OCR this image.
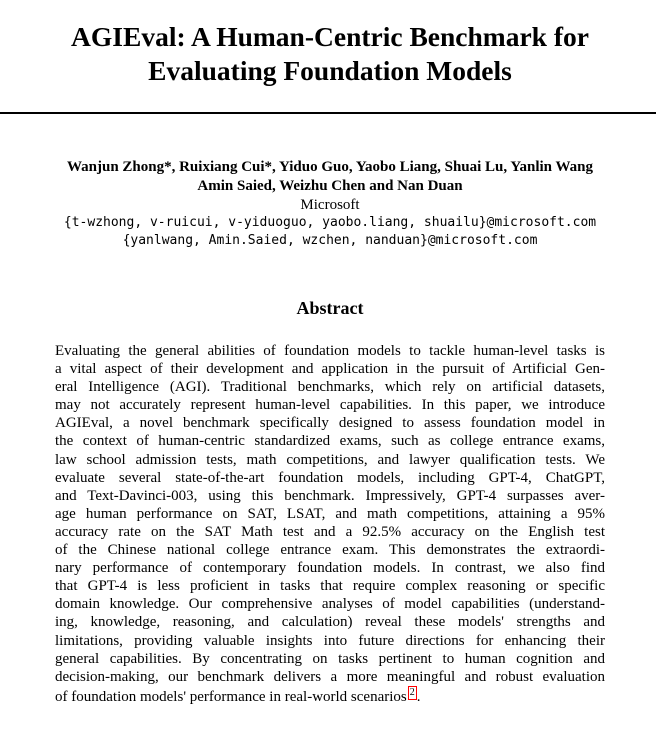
AGIEval: A Human-Centric Benchmark for
Evaluating Foundation Models
Wanjun Zhong*, Ruixiang Cui*, Yiduo Guo, Yaobo Liang, Shuai Lu, Yanlin Wang
Amin Saied, Weizhu Chen and Nan Duan
Microsoft
{t-wzhong, v-ruicui, v-yiduoguo, yaobo.liang, shuailu}@microsoft.com
{yanlwang, Amin.Saied, wzchen, nanduan}@microsoft.com
Abstract
Evaluating the general abilities of foundation models to tackle human-level tasks is
a vital aspect of their development and application in the pursuit of Artificial Gen-
eral Intelligence (AGI). Traditional benchmarks, which rely on artificial datasets,
may not accurately represent human-level capabilities. In this paper, we introduce
AGIEval, a novel benchmark specifically designed to assess foundation model in
the context of human-centric standardized exams, such as college entrance exams,
law school admission tests, math competitions, and lawyer qualification tests. We
evaluate several state-of-the-art foundation models, including GPT-4, ChatGPT,
and Text-Davinci-003, using this benchmark. Impressively, GPT-4 surpasses aver-
age human performance on SAT, LSAT, and math competitions, attaining a 95%
accuracy rate on the SAT Math test and a 92.5% accuracy on the English test
of the Chinese national college entrance exam. This demonstrates the extraordi-
nary performance of contemporary foundation models. In contrast, we also find
that GPT-4 is less proficient in tasks that require complex reasoning or specific
domain knowledge. Our comprehensive analyses of model capabilities (understand-
ing, knowledge, reasoning, and calculation) reveal these models' strengths and
limitations, providing valuable insights into future directions for enhancing their
general capabilities. By concentrating on tasks pertinent to human cognition and
decision-making, our benchmark delivers a more meaningful and robust evaluation
of foundation models' performance in real-world scenarios 2 .
